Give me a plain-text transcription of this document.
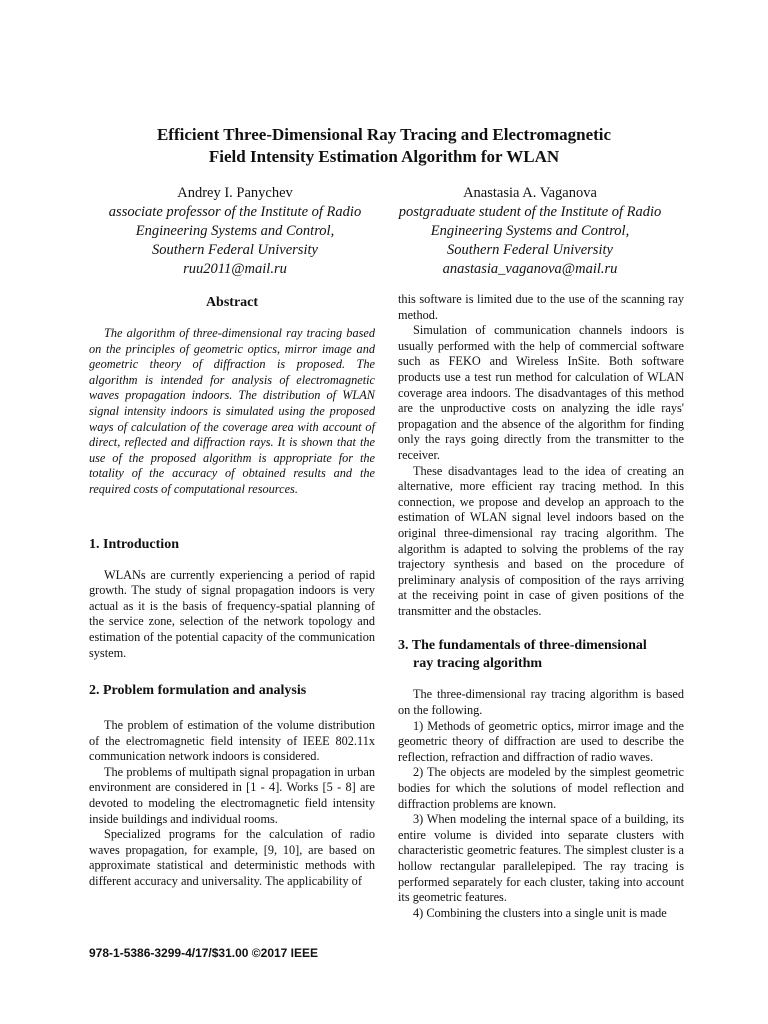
Efficient Three-Dimensional Ray Tracing and Electromagnetic
Field Intensity Estimation Algorithm for WLAN
Andrey I. Panychev
associate professor of the Institute of Radio
Engineering Systems and Control,
Southern Federal University
ruu2011@mail.ru
Anastasia A. Vaganova
postgraduate student of the Institute of Radio
Engineering Systems and Control,
Southern Federal University
anastasia_vaganova@mail.ru
Abstract

The algorithm of three-dimensional ray tracing based on the principles of geometric optics, mirror image and geometric theory of diffraction is proposed. The algorithm is intended for analysis of electromagnetic waves propagation indoors. The distribution of WLAN signal intensity indoors is simulated using the proposed ways of calculation of the coverage area with account of direct, reflected and diffraction rays. It is shown that the use of the proposed algorithm is appropriate for the totality of the accuracy of obtained results and the required costs of computational resources.

1. Introduction

WLANs are currently experiencing a period of rapid growth. The study of signal propagation indoors is very actual as it is the basis of frequency-spatial planning of the service zone, selection of the network topology and estimation of the potential capacity of the communication system.

2. Problem formulation and analysis

The problem of estimation of the volume distribution of the electromagnetic field intensity of IEEE 802.11x communication network indoors is considered.

The problems of multipath signal propagation in urban environment are considered in [1 - 4]. Works [5 - 8] are devoted to modeling the electromagnetic field intensity inside buildings and individual rooms.

Specialized programs for the calculation of radio waves propagation, for example, [9, 10], are based on approximate statistical and deterministic methods with different accuracy and universality. The applicability of

this software is limited due to the use of the scanning ray method.

Simulation of communication channels indoors is usually performed with the help of commercial software such as FEKO and Wireless InSite. Both software products use a test run method for calculation of WLAN coverage area indoors. The disadvantages of this method are the unproductive costs on analyzing the idle rays' propagation and the absence of the algorithm for finding only the rays going directly from the transmitter to the receiver.

These disadvantages lead to the idea of creating an alternative, more efficient ray tracing method. In this connection, we propose and develop an approach to the estimation of WLAN signal level indoors based on the original three-dimensional ray tracing algorithm. The algorithm is adapted to solving the problems of the ray trajectory synthesis and based on the procedure of preliminary analysis of composition of the rays arriving at the receiving point in case of given positions of the transmitter and the obstacles.

3. The fundamentals of three-dimensional
ray tracing algorithm

The three-dimensional ray tracing algorithm is based on the following.

1) Methods of geometric optics, mirror image and the geometric theory of diffraction are used to describe the reflection, refraction and diffraction of radio waves.

2) The objects are modeled by the simplest geometric bodies for which the solutions of model reflection and diffraction problems are known.

3) When modeling the internal space of a building, its entire volume is divided into separate clusters with characteristic geometric features. The simplest cluster is a hollow rectangular parallelepiped. The ray tracing is performed separately for each cluster, taking into account its geometric features.

4) Combining the clusters into a single unit is made

978-1-5386-3299-4/17/$31.00 ©2017 IEEE
